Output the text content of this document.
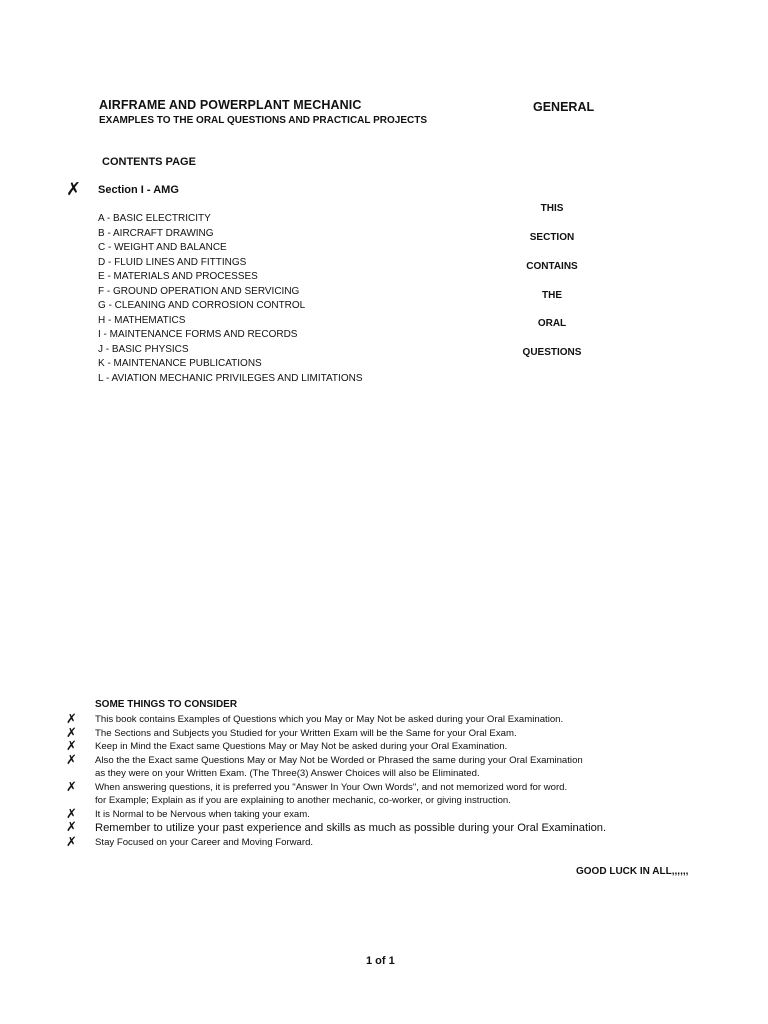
AIRFRAME AND POWERPLANT MECHANIC
EXAMPLES TO THE ORAL QUESTIONS AND PRACTICAL PROJECTS
GENERAL
CONTENTS PAGE
✗ Section I - AMG
A - BASIC ELECTRICITY
B - AIRCRAFT DRAWING
C - WEIGHT AND BALANCE
D - FLUID LINES AND FITTINGS
E - MATERIALS AND PROCESSES
F - GROUND OPERATION AND SERVICING
G - CLEANING AND CORROSION CONTROL
H - MATHEMATICS
I - MAINTENANCE FORMS AND RECORDS
J - BASIC PHYSICS
K - MAINTENANCE PUBLICATIONS
L - AVIATION MECHANIC PRIVILEGES AND LIMITATIONS
THIS
SECTION
CONTAINS
THE
ORAL
QUESTIONS
SOME THINGS TO CONSIDER
✗ This book contains Examples of Questions which you May or May Not be asked during your Oral Examination.
✗ The Sections and Subjects you Studied for your Written Exam will be the Same for your Oral Exam.
✗ Keep in Mind the Exact same Questions May or May Not be asked during your Oral Examination.
✗ Also the the Exact same Questions May or May Not be Worded or Phrased the same during your Oral Examination
as they were on your Written Exam. (The Three(3) Answer Choices will also be Eliminated.
✗ When answering questions, it is preferred you "Answer In Your Own Words", and not memorized word for word.
for Example; Explain as if you are explaining to another mechanic, co-worker, or giving instruction.
✗ It is Normal to be Nervous when taking your exam.
✗ Remember to utilize your past experience and skills as much as possible during your Oral Examination.
✗ Stay Focused on your Career and Moving Forward.
GOOD LUCK IN ALL,,,,,,
1 of 1
